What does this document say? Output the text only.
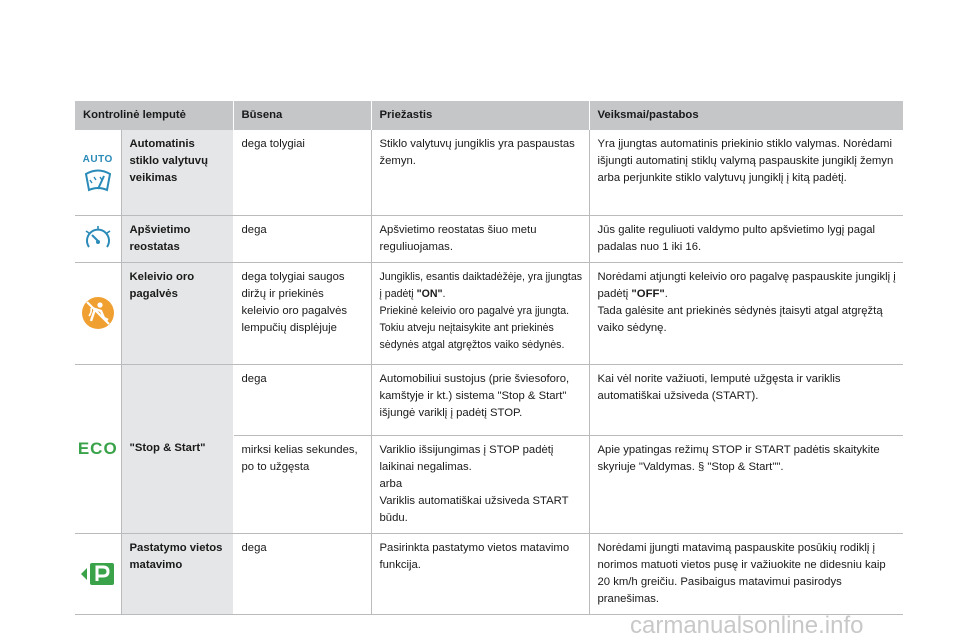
Kontrolinė lemputė		Būsena	Priežastis	Veiksmai/pastabos

AUTO	Automatinis stiklo valytuvų veikimas	dega tolygiai	Stiklo valytuvų jungiklis yra paspaustas žemyn.	Yra įjungtas automatinis priekinio stiklo valymas. Norėdami išjungti automatinį stiklų valymą paspauskite jungiklį žemyn arba perjunkite stiklo valytuvų jungiklį į kitą padėtį.

	Apšvietimo reostatas	dega	Apšvietimo reostatas šiuo metu reguliuojamas.	Jūs galite reguliuoti valdymo pulto apšvietimo lygį pagal padalas nuo 1 iki 16.

	Keleivio oro pagalvės	dega tolygiai saugos diržų ir priekinės keleivio oro pagalvės lempučių displėjuje	Jungiklis, esantis daiktadėžėje, yra įjungtas į padėtį "ON".
Priekinė keleivio oro pagalvė yra įjungta.
Tokiu atveju neįtaisykite ant priekinės sėdynės atgal atgręžtos vaiko sėdynės.	Norėdami atjungti keleivio oro pagalvę paspauskite jungiklį į padėtį "OFF".
Tada galėsite ant priekinės sėdynės įtaisyti atgal atgręžtą vaiko sėdynę.

ECO	"Stop & Start"	dega	Automobiliui sustojus (prie šviesoforo, kamštyje ir kt.) sistema "Stop & Start" išjungė variklį į padėtį STOP.	Kai vėl norite važiuoti, lemputė užgęsta ir variklis automatiškai užsiveda (START).
		mirksi kelias sekundes, po to užgęsta	Variklio išsijungimas į STOP padėtį laikinai negalimas.
arba
Variklis automatiškai užsiveda START būdu.	Apie ypatingas režimų STOP ir START padėtis skaitykite skyriuje "Valdymas. § "Stop & Start"".

	Pastatymo vietos matavimo	dega	Pasirinkta pastatymo vietos matavimo funkcija.	Norėdami įjungti matavimą paspauskite posūkių rodiklį į norimos matuoti vietos pusę ir važiuokite ne didesniu kaip 20 km/h greičiu. Pasibaigus matavimui pasirodys pranešimas.
carmanualsonline.info
